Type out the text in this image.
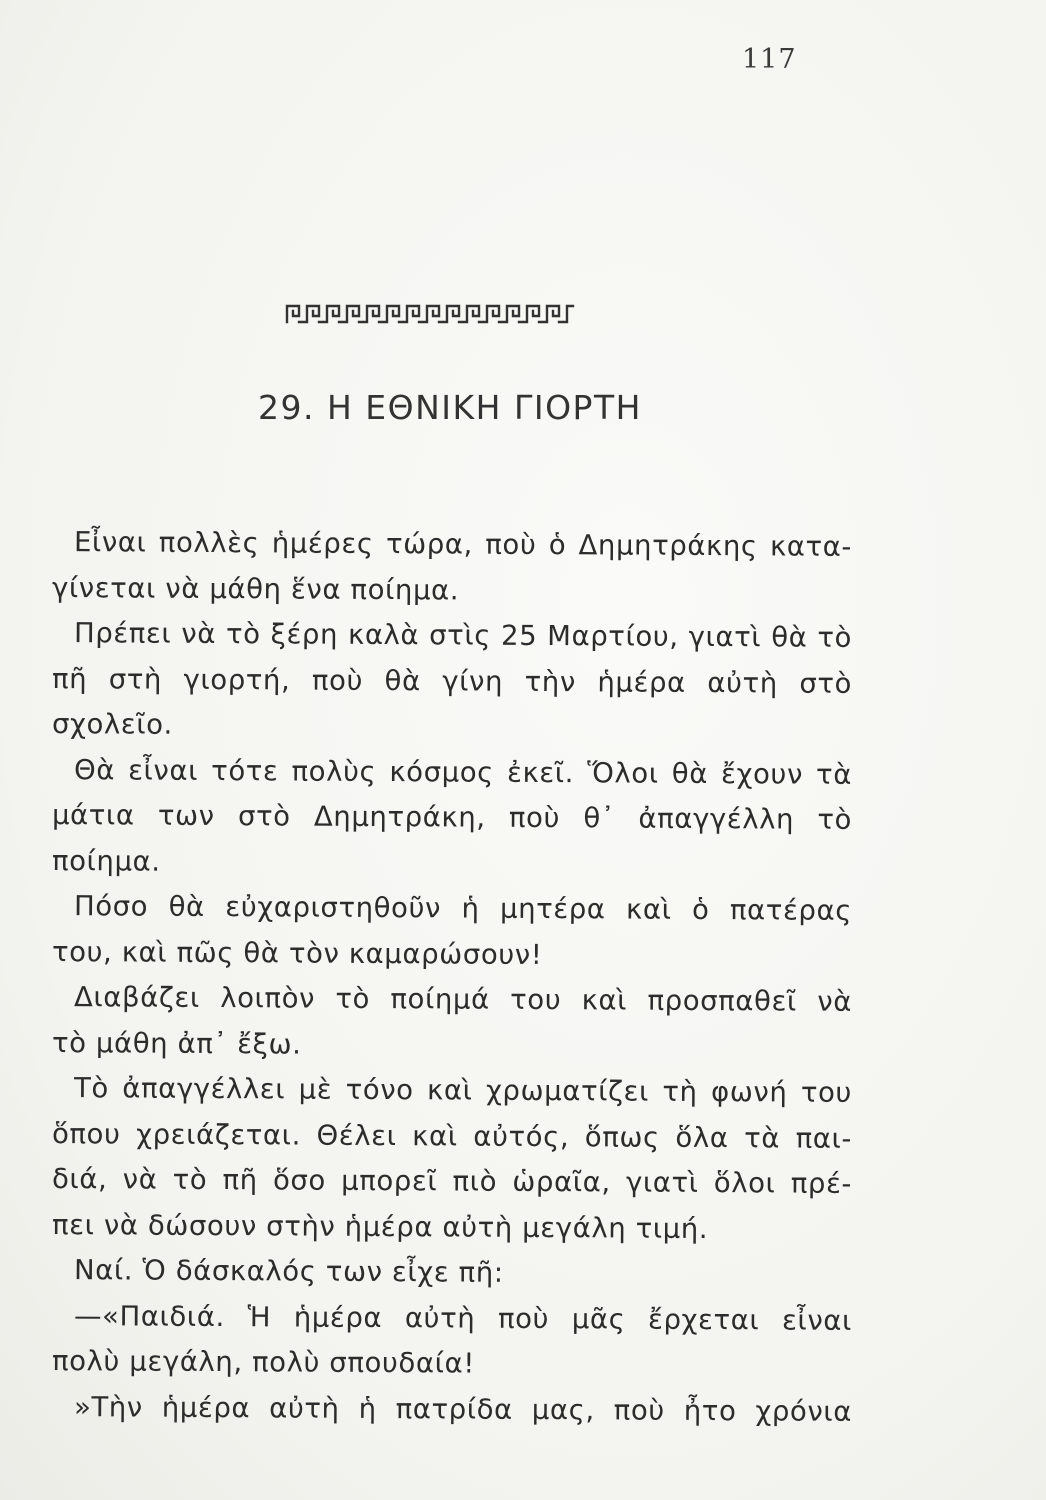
117
29. Η ΕΘΝΙΚΗ ΓΙΟΡΤΗ
Εἶναι πολλὲς ἡμέρες τώρα, ποὺ ὁ Δημητράκης κατα-
γίνεται νὰ μάθη ἕνα ποίημα.
Πρέπει νὰ τὸ ξέρη καλὰ στὶς 25 Μαρτίου, γιατὶ θὰ τὸ
πῆ στὴ γιορτή, ποὺ θὰ γίνη τὴν ἡμέρα αὐτὴ στὸ
σχολεῖο.
Θὰ εἶναι τότε πολὺς κόσμος ἐκεῖ. Ὅλοι θὰ ἔχουν τὰ
μάτια των στὸ Δημητράκη, ποὺ θ᾿ ἀπαγγέλλη τὸ
ποίημα.
Πόσο θὰ εὐχαριστηθοῦν ἡ μητέρα καὶ ὁ πατέρας
του, καὶ πῶς θὰ τὸν καμαρώσουν!
Διαβάζει λοιπὸν τὸ ποίημά του καὶ προσπαθεῖ νὰ
τὸ μάθη ἀπ᾿ ἔξω.
Τὸ ἀπαγγέλλει μὲ τόνο καὶ χρωματίζει τὴ φωνή του
ὅπου χρειάζεται. Θέλει καὶ αὐτός, ὅπως ὅλα τὰ παι-
διά, νὰ τὸ πῆ ὅσο μπορεῖ πιὸ ὡραῖα, γιατὶ ὅλοι πρέ-
πει νὰ δώσουν στὴν ἡμέρα αὐτὴ μεγάλη τιμή.
Ναί. Ὁ δάσκαλός των εἶχε πῆ:
—«Παιδιά. Ἡ ἡμέρα αὐτὴ ποὺ μᾶς ἔρχεται εἶναι
πολὺ μεγάλη, πολὺ σπουδαία!
»Τὴν ἡμέρα αὐτὴ ἡ πατρίδα μας, ποὺ ἦτο χρόνια
